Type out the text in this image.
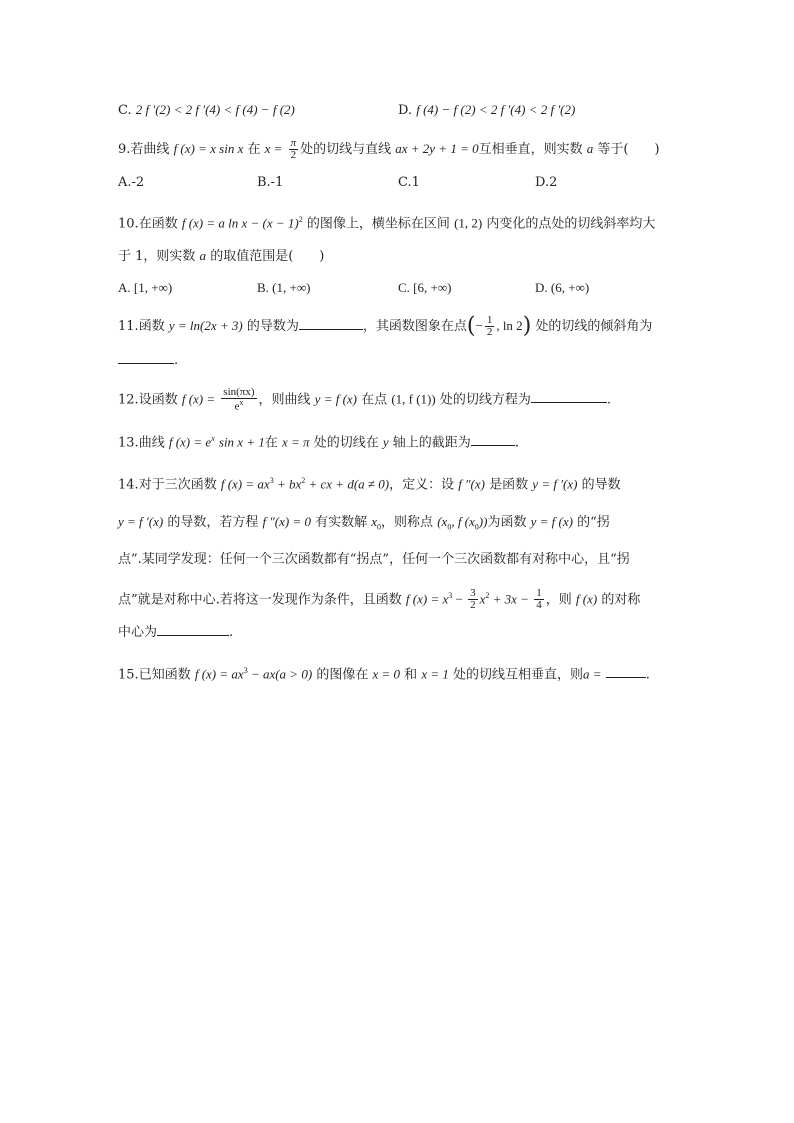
C. 2 f ′(2) < 2 f ′(4) < f (4) − f (2)	D. f (4) − f (2) < 2 f ′(4) < 2 f ′(2)
9.若曲线 f (x) = x sin x 在 $x = \frac{\pi}{2}$ 处的切线与直线 ax + 2y + 1 = 0互相垂直，则实数 a 等于(　　)
A.-2	B.-1	C.1	D.2
10.在函数 f (x) = a $\ln x - (x - 1)^2$ 的图像上，横坐标在区间 (1, 2) 内变化的点处的切线斜率均大
于 1，则实数 a 的取值范围是(　　)
A. [1, +∞)	B. (1, +∞)	C. [6, +∞)	D. (6, +∞)
11.函数 y = ln(2x + 3) 的导数为	，其函数图象在点(− $\frac{1}{2}$ , ln 2) 处的切线的倾斜角为
.
12.设函数 f $(x) = \frac{\sin(\pi x)}{e^x}$ ，则曲线 y = f (x) 在点 (1, f (1)) 处的切线方程为	.
13.曲线 f $(x) = e^x$ sin x + 1在 x = π 处的切线在 y 轴上的截距为	.
14.对于三次函数 f $(x) = ax^3 + bx^2$ + cx + d(a ≠ 0)，定义：设 f ″(x) 是函数 y = f ′(x) 的导数
y = f ′(x) 的导数，若方程 f ″(x) = 0 有实数解 $x_0$，则称点 ($x_0$, f $(x_0)$)为函数 y = f (x) 的“拐
点”.某同学发现：任何一个三次函数都有“拐点”，任何一个三次函数都有对称中心，且“拐
点”就是对称中心.若将这一发现作为条件，且函数 f $(x) = x^3 - \frac{3}{2} x^2 + 3x - \frac{1}{4}$ ，则 f (x) 的对称
中心为	.
15.已知函数 f $(x) = ax^3 - ax(a > 0)$ 的图像在 x = 0 和 x = 1 处的切线互相垂直，则a =	.
